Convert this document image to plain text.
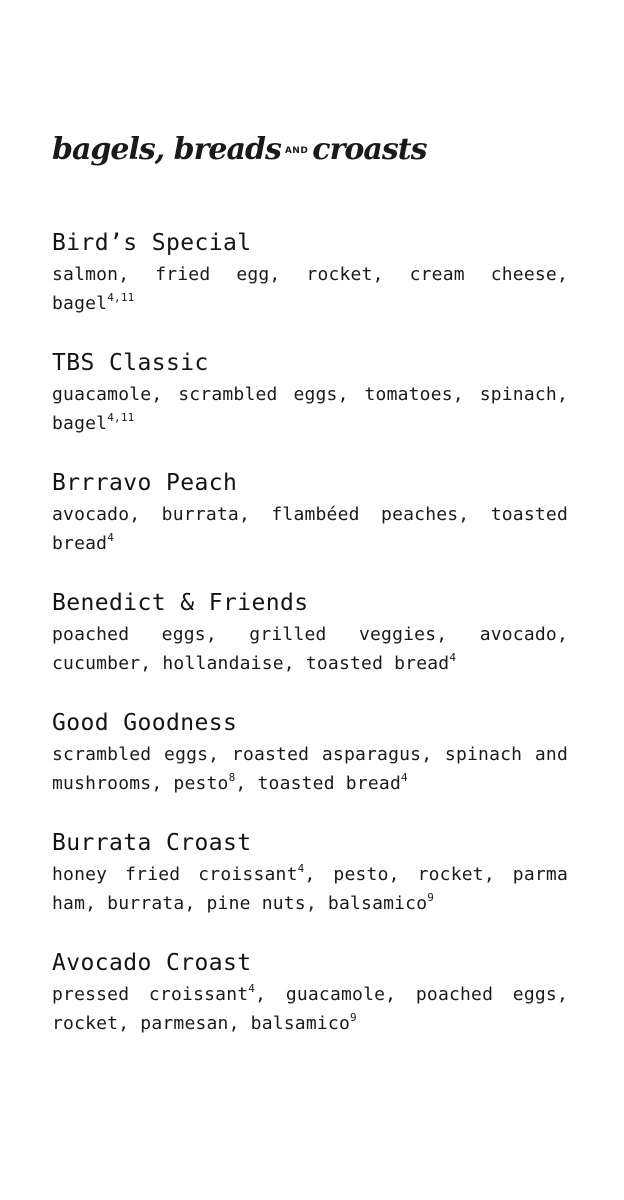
bagels, breads AND croasts
Bird’s Special

salmon, fried egg, rocket, cream cheese, bagel$^{4,11}$

TBS Classic

guacamole, scrambled eggs, tomatoes, spinach, bagel$^{4,11}$

Brrravo Peach

avocado, burrata, flambéed peaches, toasted bread$^4$

Benedict & Friends

poached eggs, grilled veggies, avocado, cucumber, hollandaise, toasted bread$^4$

Good Goodness

scrambled eggs, roasted asparagus, spinach and mushrooms, pesto$^8$, toasted bread$^4$

Burrata Croast

honey fried croissant$^4$, pesto, rocket, parma ham, burrata, pine nuts, balsamico$^9$

Avocado Croast

pressed croissant$^4$, guacamole, poached eggs, rocket, parmesan, balsamico$^9$
